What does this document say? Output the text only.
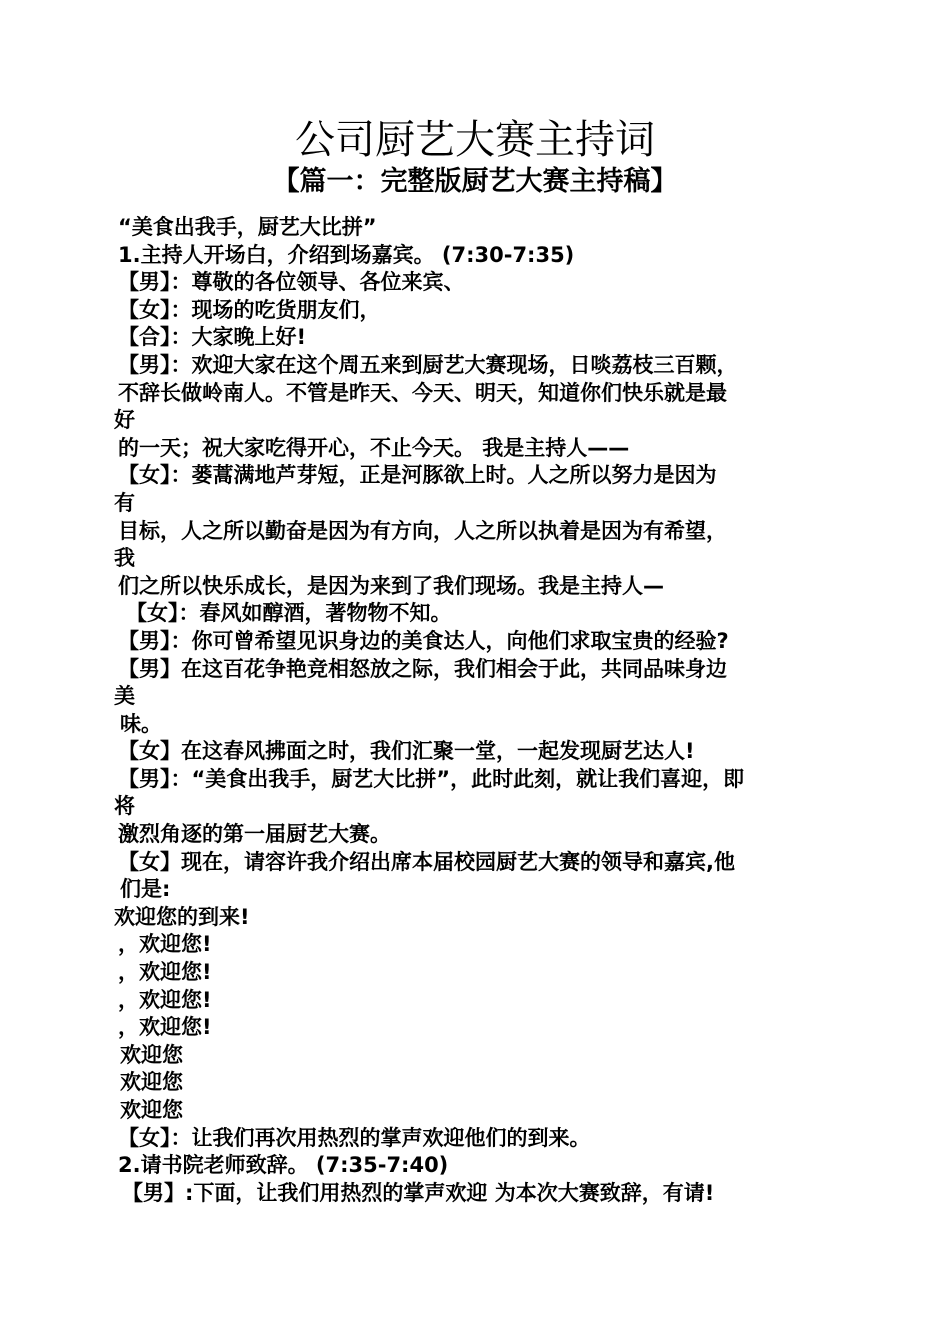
公司厨艺大赛主持词
【篇一：完整版厨艺大赛主持稿】
“美食出我手，厨艺大比拼”
1.主持人开场白，介绍到场嘉宾。 (7:30-7:35)
【男】：尊敬的各位领导、各位来宾、
【女】：现场的吃货朋友们，
【合】：大家晚上好!
【男】：欢迎大家在这个周五来到厨艺大赛现场，日啖荔枝三百颗，
不辞长做岭南人。不管是昨天、今天、明天，知道你们快乐就是最
好
的一天；祝大家吃得开心，不止今天。 我是主持人——
【女】：蒌蒿满地芦芽短，正是河豚欲上时。人之所以努力是因为
有
目标，人之所以勤奋是因为有方向，人之所以执着是因为有希望，
我
们之所以快乐成长，是因为来到了我们现场。我是主持人—
【女】：春风如醇酒，著物物不知。
【男】：你可曾希望见识身边的美食达人，向他们求取宝贵的经验?
【男】在这百花争艳竞相怒放之际，我们相会于此，共同品味身边
美
味。
【女】在这春风拂面之时，我们汇聚一堂，一起发现厨艺达人!
【男】：“美食出我手，厨艺大比拼”，此时此刻，就让我们喜迎，即
将
激烈角逐的第一届厨艺大赛。
【女】现在，请容许我介绍出席本届校园厨艺大赛的领导和嘉宾,他
们是:
欢迎您的到来!
，欢迎您!
，欢迎您!
，欢迎您!
，欢迎您!
欢迎您
欢迎您
欢迎您
【女】：让我们再次用热烈的掌声欢迎他们的到来。
2.请书院老师致辞。 (7:35-7:40)
【男】:下面，让我们用热烈的掌声欢迎 为本次大赛致辞，有请!
